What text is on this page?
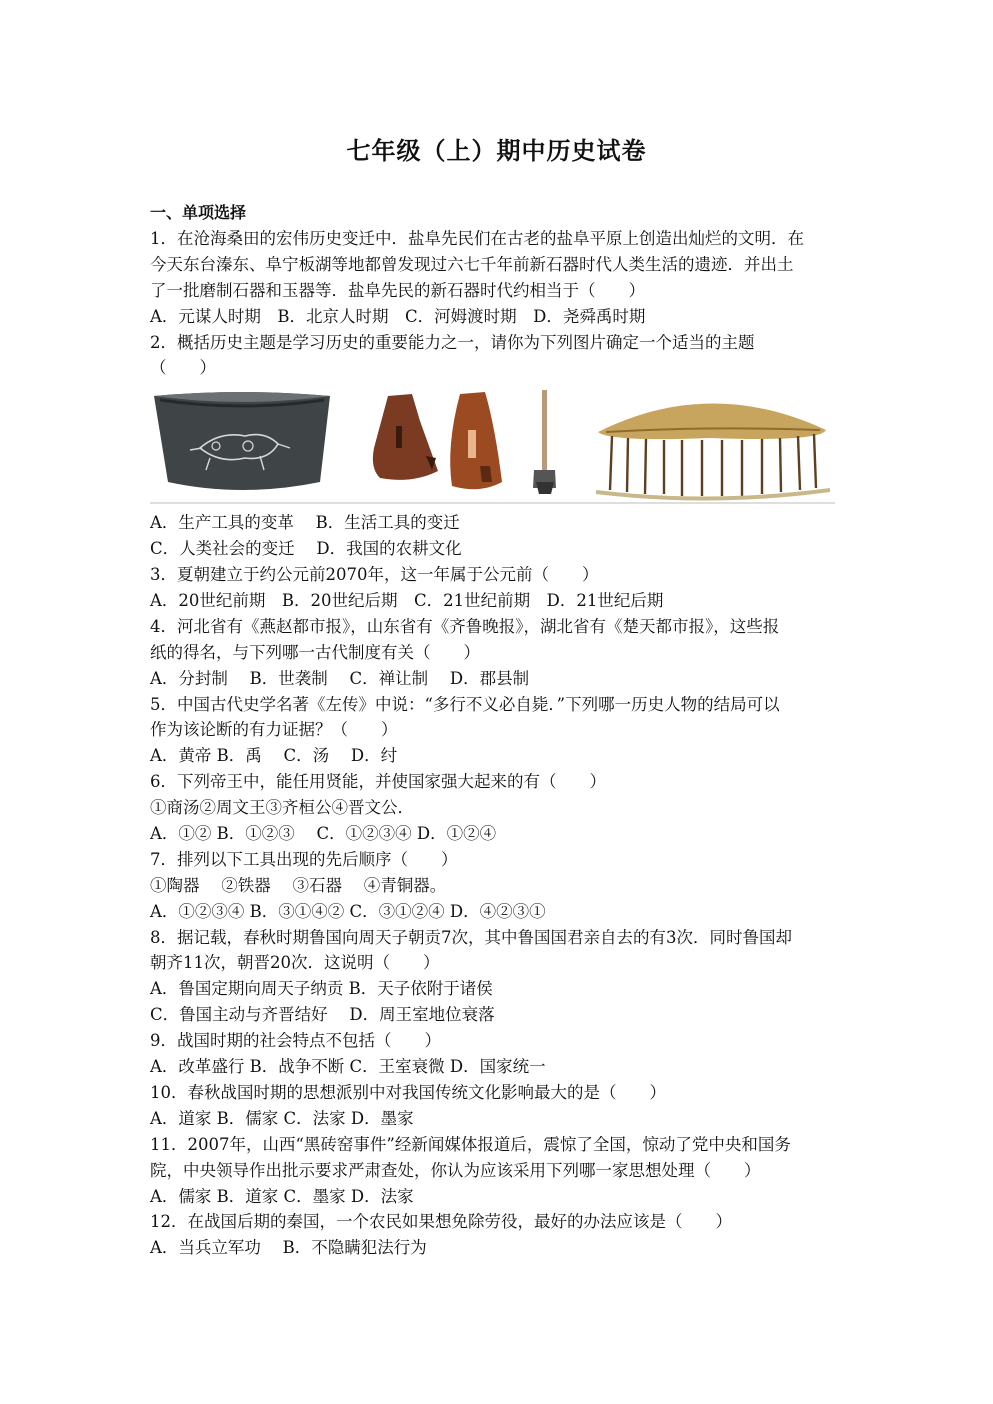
七年级（上）期中历史试卷
一、单项选择
1．在沧海桑田的宏伟历史变迁中．盐阜先民们在古老的盐阜平原上创造出灿烂的文明．在
今天东台溱东、阜宁板湖等地都曾发现过六七千年前新石器时代人类生活的遗迹．并出土
了一批磨制石器和玉器等．盐阜先民的新石器时代约相当于（　　）
A．元谋人时期　B．北京人时期　C．河姆渡时期　D．尧舜禹时期
2．概括历史主题是学习历史的重要能力之一，请你为下列图片确定一个适当的主题
（　　）
A．生产工具的变革　 B．生活工具的变迁
C．人类社会的变迁　 D．我国的农耕文化
3．夏朝建立于约公元前2070年，这一年属于公元前（　　）
A．20世纪前期　B．20世纪后期　C．21世纪前期　D．21世纪后期
4．河北省有《燕赵都市报》，山东省有《齐鲁晚报》，湖北省有《楚天都市报》，这些报
纸的得名，与下列哪一古代制度有关（　　）
A．分封制　 B．世袭制　 C．禅让制　 D．郡县制
5．中国古代史学名著《左传》中说：“多行不义必自毙．”下列哪一历史人物的结局可以
作为该论断的有力证据？（　　）
A．黄帝 B．禹　 C．汤　 D．纣
6．下列帝王中，能任用贤能，并使国家强大起来的有（　　）
①商汤②周文王③齐桓公④晋文公．
A．①② B．①②③　 C．①②③④ D．①②④
7．排列以下工具出现的先后顺序（　　）
①陶器　 ②铁器　 ③石器　 ④青铜器。
A．①②③④ B．③①④② C．③①②④ D．④②③①
8．据记载，春秋时期鲁国向周天子朝贡7次，其中鲁国国君亲自去的有3次．同时鲁国却
朝齐11次，朝晋20次．这说明（　　）
A．鲁国定期向周天子纳贡 B．天子依附于诸侯
C．鲁国主动与齐晋结好　 D．周王室地位衰落
9．战国时期的社会特点不包括（　　）
A．改革盛行 B．战争不断 C．王室衰微 D．国家统一
10．春秋战国时期的思想派别中对我国传统文化影响最大的是（　　）
A．道家 B．儒家 C．法家 D．墨家
11．2007年，山西“黑砖窑事件”经新闻媒体报道后，震惊了全国，惊动了党中央和国务
院，中央领导作出批示要求严肃查处，你认为应该采用下列哪一家思想处理（　　）
A．儒家 B．道家 C．墨家 D．法家
12．在战国后期的秦国，一个农民如果想免除劳役，最好的办法应该是（　　）
A．当兵立军功　 B．不隐瞒犯法行为
